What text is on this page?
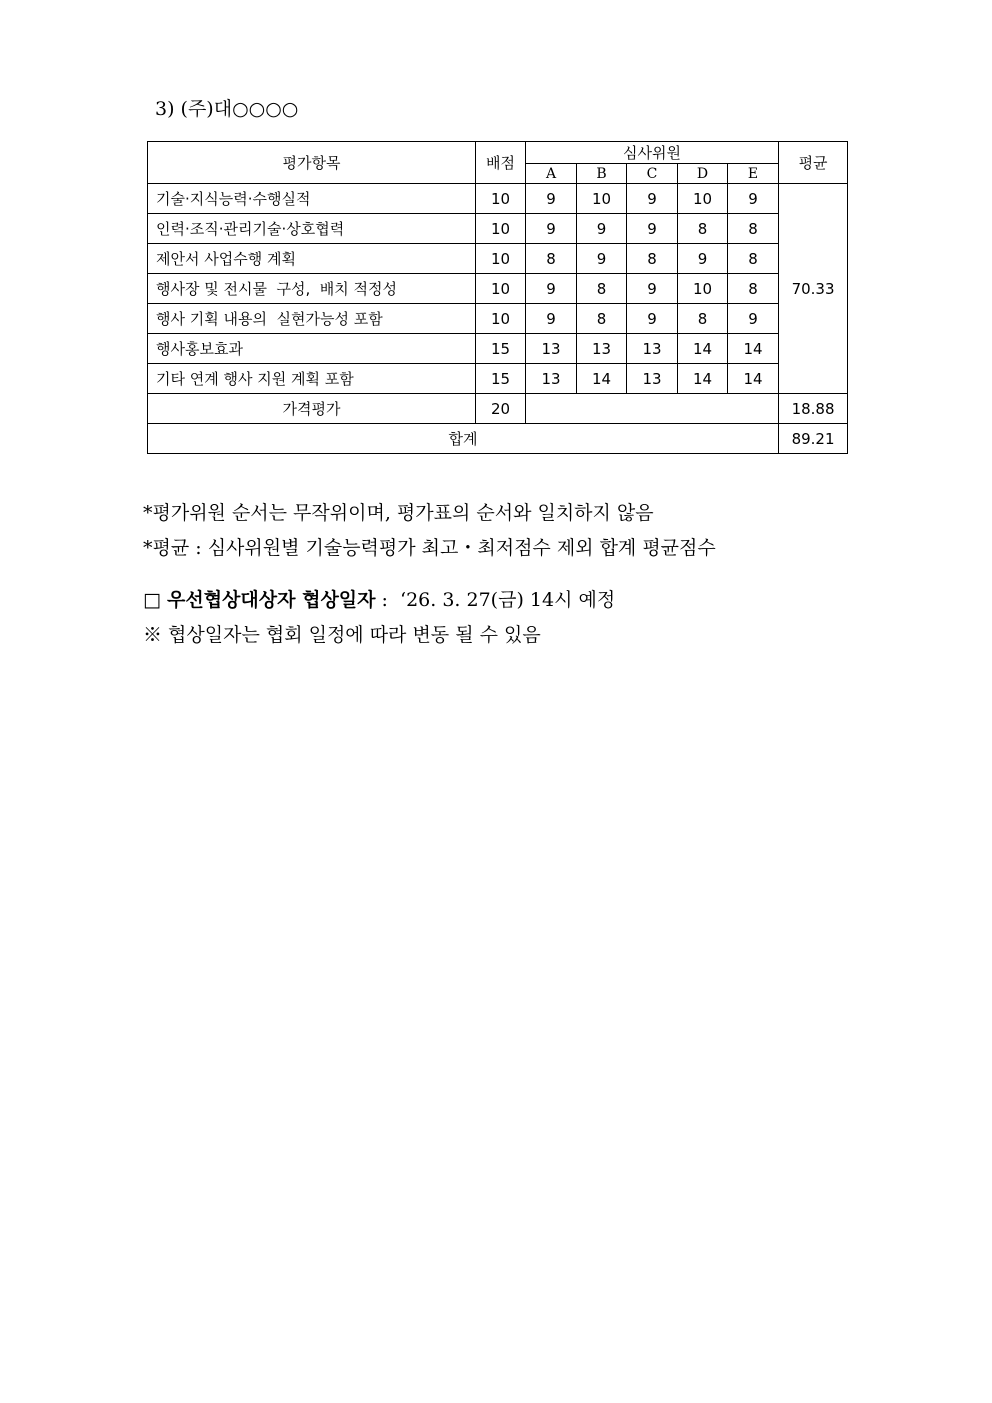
3) (주)대○○○○
평가항목	배점	심사위원					평균
		A	B	C	D	E	
기술·지식능력·수행실적	10	9	10	9	10	9	70.33
인력·조직·관리기술·상호협력	10	9	9	9	8	8	
제안서 사업수행 계획	10	8	9	8	9	8	
행사장 및 전시물  구성,  배치 적정성	10	9	8	9	10	8	
행사 기획 내용의  실현가능성 포함	10	9	8	9	8	9	
행사홍보효과	15	13	13	13	14	14	
기타 연계 행사 지원 계획 포함	15	13	14	13	14	14	
가격평가	20						18.88
합계							89.21
*평가위원 순서는 무작위이며, 평가표의 순서와 일치하지 않음
*평균 : 심사위원별 기술능력평가 최고・최저점수 제외 합계 평균점수
□ 우선협상대상자 협상일자 :  ‘26. 3. 27(금) 14시 예정
※ 협상일자는 협회 일정에 따라 변동 될 수 있음
